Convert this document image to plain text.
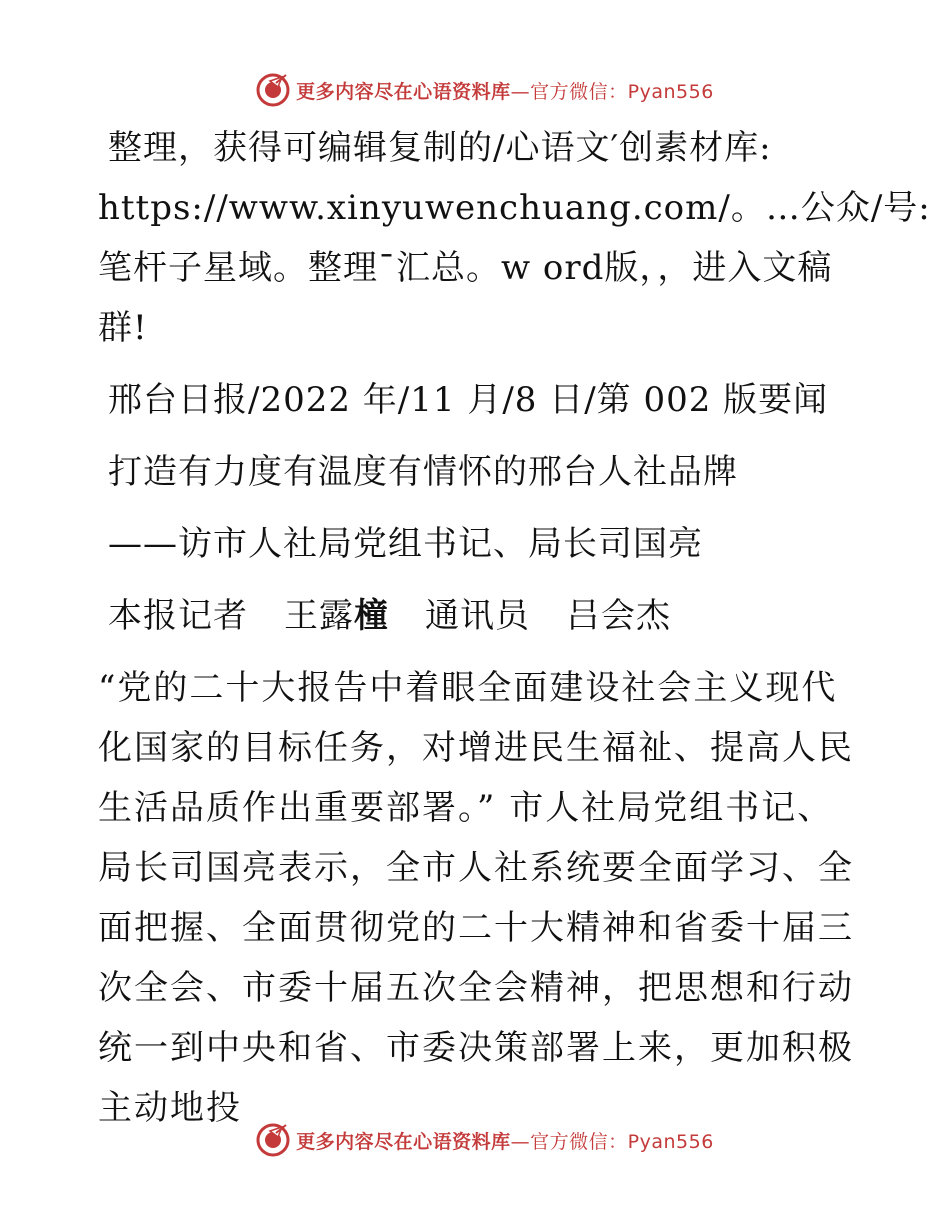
更多内容尽在心语资料库—官方微信：Pyan556

整理，获得可编辑复制的/心语文′创素材库:

https://www.xinyuwenchuang.com/。…公众/号:

笔杆子星域。整理¯汇总。w ord版，，进入文稿

群!

邢台日报/2022 年/11 月/8 日/第 002 版要闻

打造有力度有温度有情怀的邢台人社品牌

——访市人社局党组书记、局长司国亮

本报记者 王露橦 通讯员 吕会杰

“党的二十大报告中着眼全面建设社会主义现代化国家的目标任务，对增进民生福祉、提高人民生活品质作出重要部署。” 市人社局党组书记、局长司国亮表示，全市人社系统要全面学习、全面把握、全面贯彻党的二十大精神和省委十届三次全会、市委十届五次全会精神，把思想和行动统一到中央和省、市委决策部署上来，更加积极主动地投

更多内容尽在心语资料库—官方微信：Pyan556
